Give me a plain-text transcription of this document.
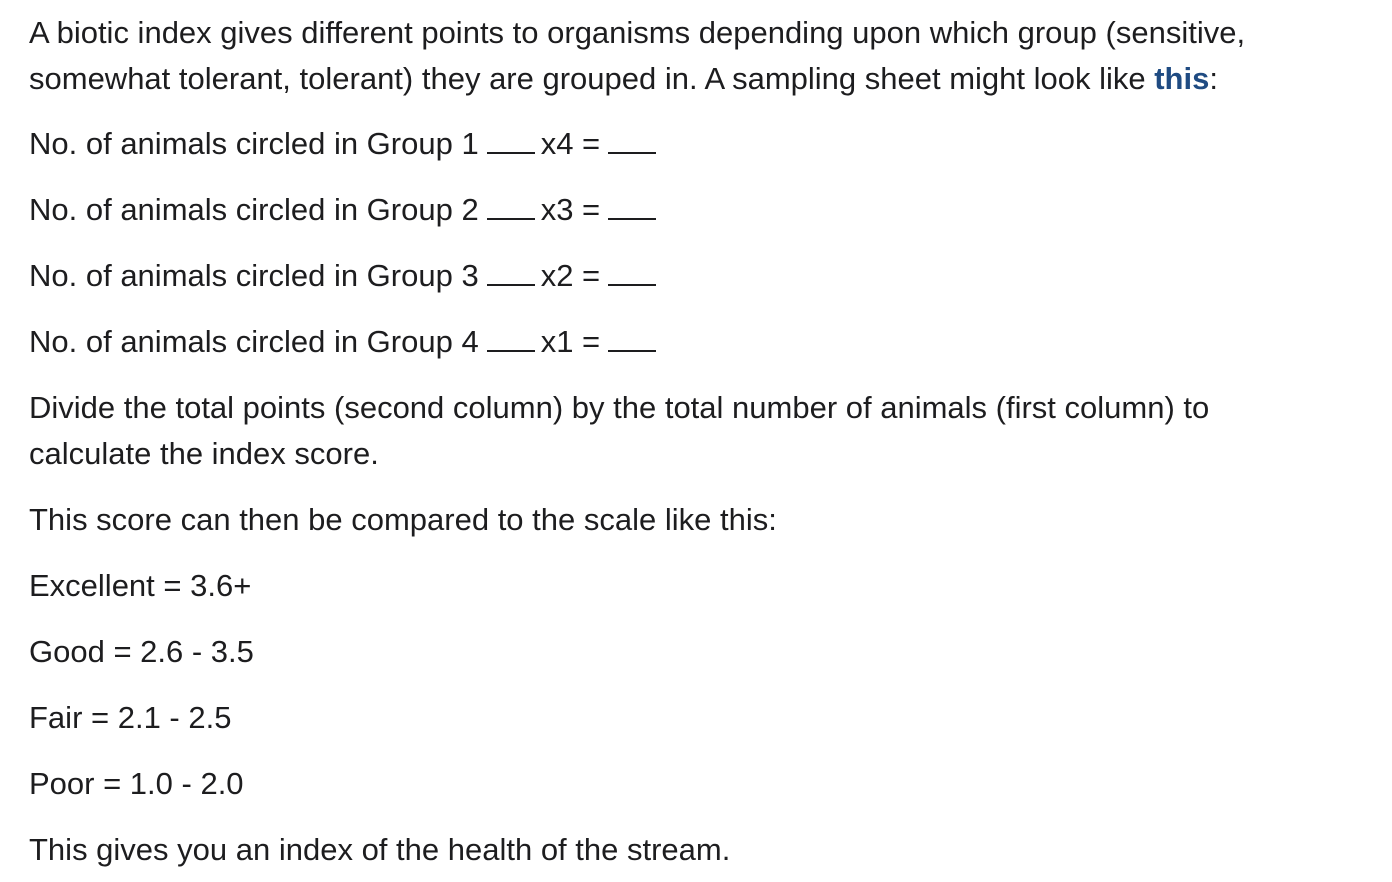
A biotic index gives different points to organisms depending upon which group (sensitive, somewhat tolerant, tolerant) they are grouped in. A sampling sheet might look like this:

No. of animals circled in Group 1 x4 =
No. of animals circled in Group 2 x3 =
No. of animals circled in Group 3 x2 =
No. of animals circled in Group 4 x1 =

Divide the total points (second column) by the total number of animals (first column) to calculate the index score.

This score can then be compared to the scale like this:

Excellent = 3.6+

Good = 2.6 - 3.5

Fair = 2.1 - 2.5

Poor = 1.0 - 2.0

This gives you an index of the health of the stream.
